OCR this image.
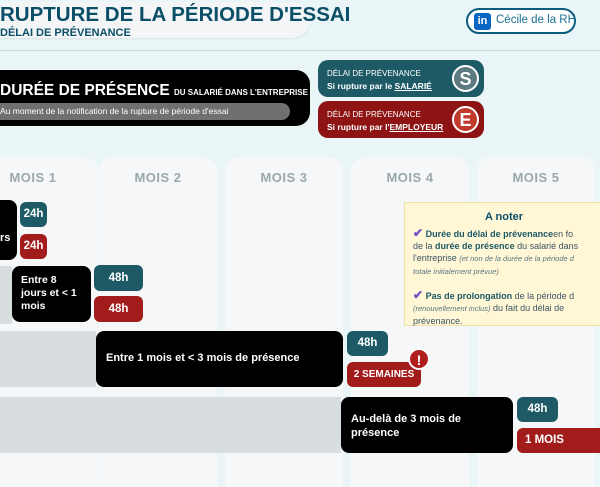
RUPTURE DE LA PÉRIODE D'ESSAI
DÉLAI DE PRÉVENANCE
in Cécile de la RH
DURÉE DE PRÉSENCE DU SALARIÉ DANS L'ENTREPRISE
Au moment de la notification de la rupture de période d'essai
DÉLAI DE PRÉVENANCE
Si rupture par le SALARIÉ	S
DÉLAI DE PRÉVENANCE
Si rupture par l'EMPLOYEUR E
MOIS 1	MOIS 2	MOIS 3	MOIS 4	MOIS 5
rs
24h
24h
Entre 8 jours et < 1 mois
48h
48h
Entre 1 mois et < 3 mois de présence
48h
2 SEMAINES
!
Au-delà de 3 mois de présence
48h
1 MOIS
A noter
✔ Durée du délai de prévenanceen fo
de la durée de présence du salarié dans
l'entreprise (et non de la durée de la période d
totale initialement prévue)
✔ Pas de prolongation de la période d
(renouvellement inclus) du fait du délai de
prévenance.
